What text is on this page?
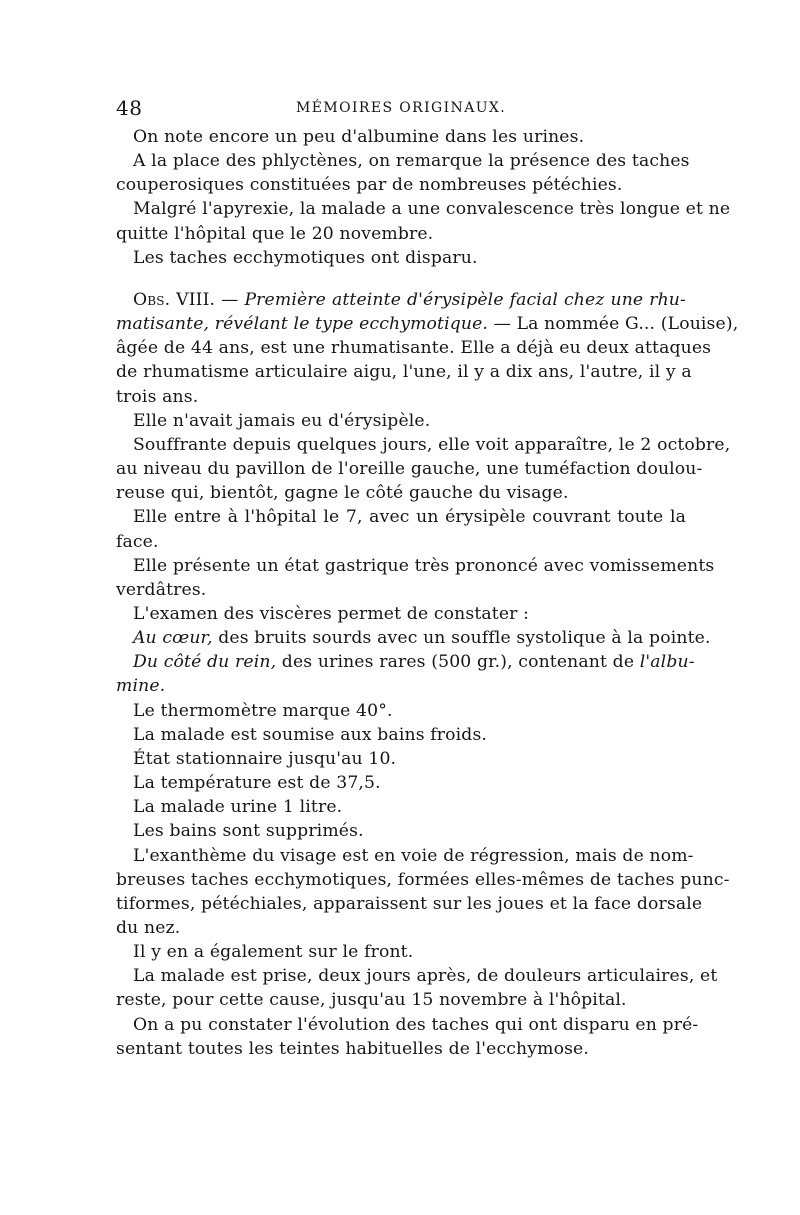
48	MÉMOIRES ORIGINAUX.

On note encore un peu d'albumine dans les urines.

A la place des phlyctènes, on remarque la présence des taches
couperosiques constituées par de nombreuses pétéchies.

Malgré l'apyrexie, la malade a une convalescence très longue et ne
quitte l'hôpital que le 20 novembre.

Les taches ecchymotiques ont disparu.

Obs. VIII. — Première atteinte d'érysipèle facial chez une rhu-
matisante, révélant le type ecchymotique. — La nommée G... (Louise),
âgée de 44 ans, est une rhumatisante. Elle a déjà eu deux attaques
de rhumatisme articulaire aigu, l'une, il y a dix ans, l'autre, il y a
trois ans.

Elle n'avait jamais eu d'érysipèle.

Souffrante depuis quelques jours, elle voit apparaître, le 2 octobre,
au niveau du pavillon de l'oreille gauche, une tuméfaction doulou-
reuse qui, bientôt, gagne le côté gauche du visage.

Elle entre à l'hôpital le 7, avec un érysipèle couvrant toute la
face.

Elle présente un état gastrique très prononcé avec vomissements
verdâtres.

L'examen des viscères permet de constater :

Au cœur, des bruits sourds avec un souffle systolique à la pointe.

Du côté du rein, des urines rares (500 gr.), contenant de l'albu-
mine.

Le thermomètre marque 40°.

La malade est soumise aux bains froids.

État stationnaire jusqu'au 10.

La température est de 37,5.

La malade urine 1 litre.

Les bains sont supprimés.

L'exanthème du visage est en voie de régression, mais de nom-
breuses taches ecchymotiques, formées elles-mêmes de taches punc-
tiformes, pétéchiales, apparaissent sur les joues et la face dorsale
du nez.

Il y en a également sur le front.

La malade est prise, deux jours après, de douleurs articulaires, et
reste, pour cette cause, jusqu'au 15 novembre à l'hôpital.

On a pu constater l'évolution des taches qui ont disparu en pré-
sentant toutes les teintes habituelles de l'ecchymose.
